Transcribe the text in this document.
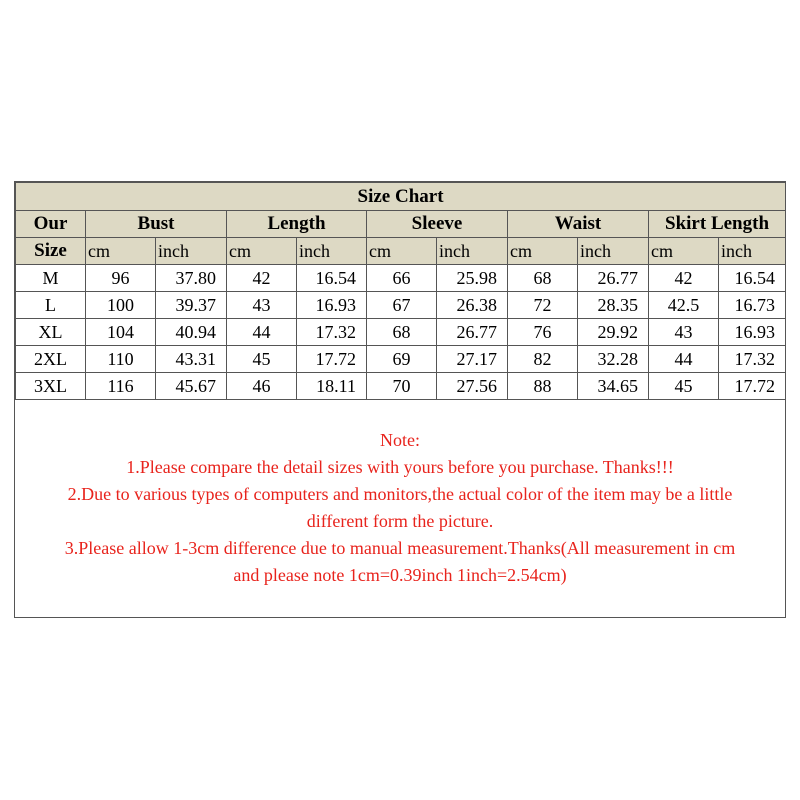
Size Chart										
Our	Bust		Length		Sleeve		Waist		Skirt Length	
Size	cm	inch	cm	inch	cm	inch	cm	inch	cm	inch
M	96	37.80	42	16.54	66	25.98	68	26.77	42	16.54
L	100	39.37	43	16.93	67	26.38	72	28.35	42.5	16.73
XL	104	40.94	44	17.32	68	26.77	76	29.92	43	16.93
2XL	110	43.31	45	17.72	69	27.17	82	32.28	44	17.32
3XL	116	45.67	46	18.11	70	27.56	88	34.65	45	17.72
Note:
1.Please compare the detail sizes with yours before you purchase. Thanks!!!
2.Due to various types of computers and monitors,the actual color of the item may be a little
different form the picture.
3.Please allow 1-3cm difference due to manual measurement.Thanks(All measurement in cm
and please note 1cm=0.39inch 1inch=2.54cm)
